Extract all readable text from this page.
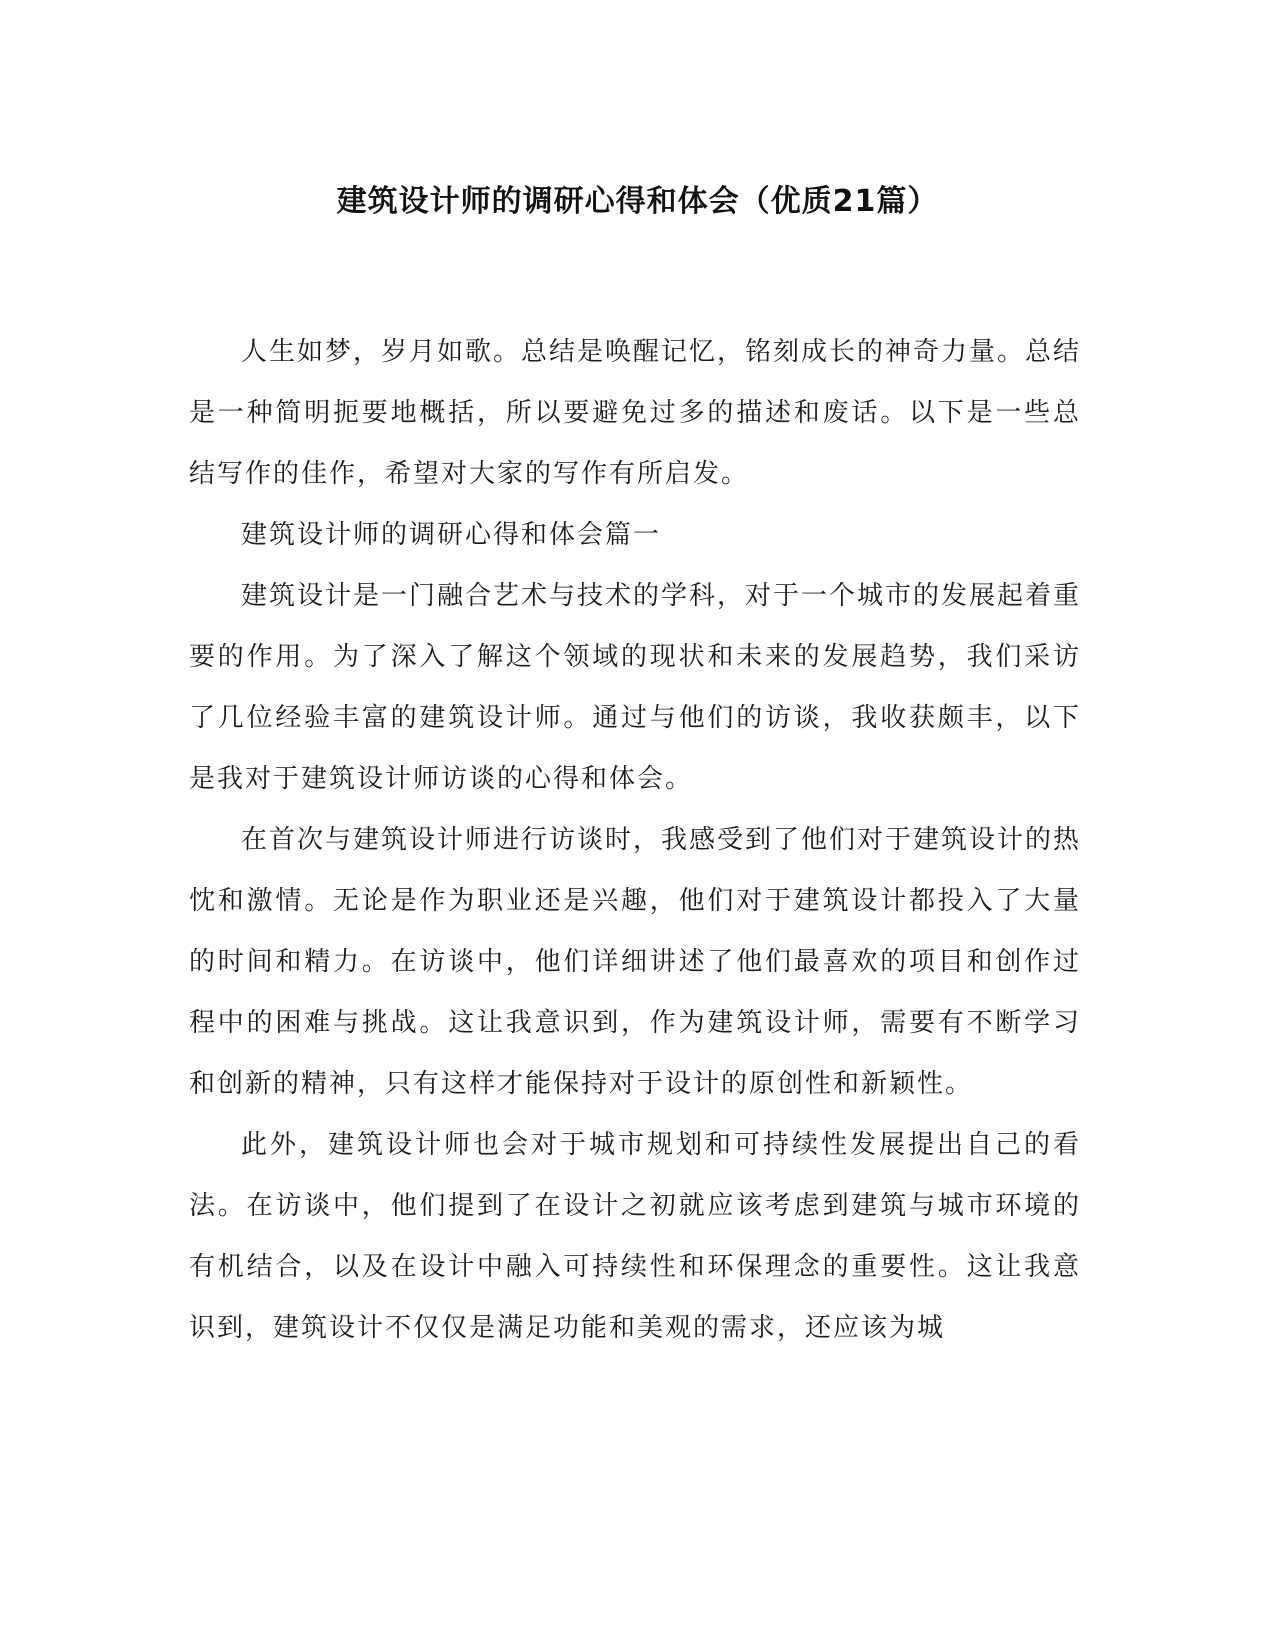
建筑设计师的调研心得和体会（优质21篇）

人生如梦，岁月如歌。总结是唤醒记忆，铭刻成长的神奇力量。总结是一种简明扼要地概括，所以要避免过多的描述和废话。以下是一些总结写作的佳作，希望对大家的写作有所启发。

建筑设计师的调研心得和体会篇一

建筑设计是一门融合艺术与技术的学科，对于一个城市的发展起着重要的作用。为了深入了解这个领域的现状和未来的发展趋势，我们采访了几位经验丰富的建筑设计师。通过与他们的访谈，我收获颇丰，以下是我对于建筑设计师访谈的心得和体会。

在首次与建筑设计师进行访谈时，我感受到了他们对于建筑设计的热忱和激情。无论是作为职业还是兴趣，他们对于建筑设计都投入了大量的时间和精力。在访谈中，他们详细讲述了他们最喜欢的项目和创作过程中的困难与挑战。这让我意识到，作为建筑设计师，需要有不断学习和创新的精神，只有这样才能保持对于设计的原创性和新颖性。

此外，建筑设计师也会对于城市规划和可持续性发展提出自己的看法。在访谈中，他们提到了在设计之初就应该考虑到建筑与城市环境的有机结合，以及在设计中融入可持续性和环保理念的重要性。这让我意识到，建筑设计不仅仅是满足功能和美观的需求，还应该为城
